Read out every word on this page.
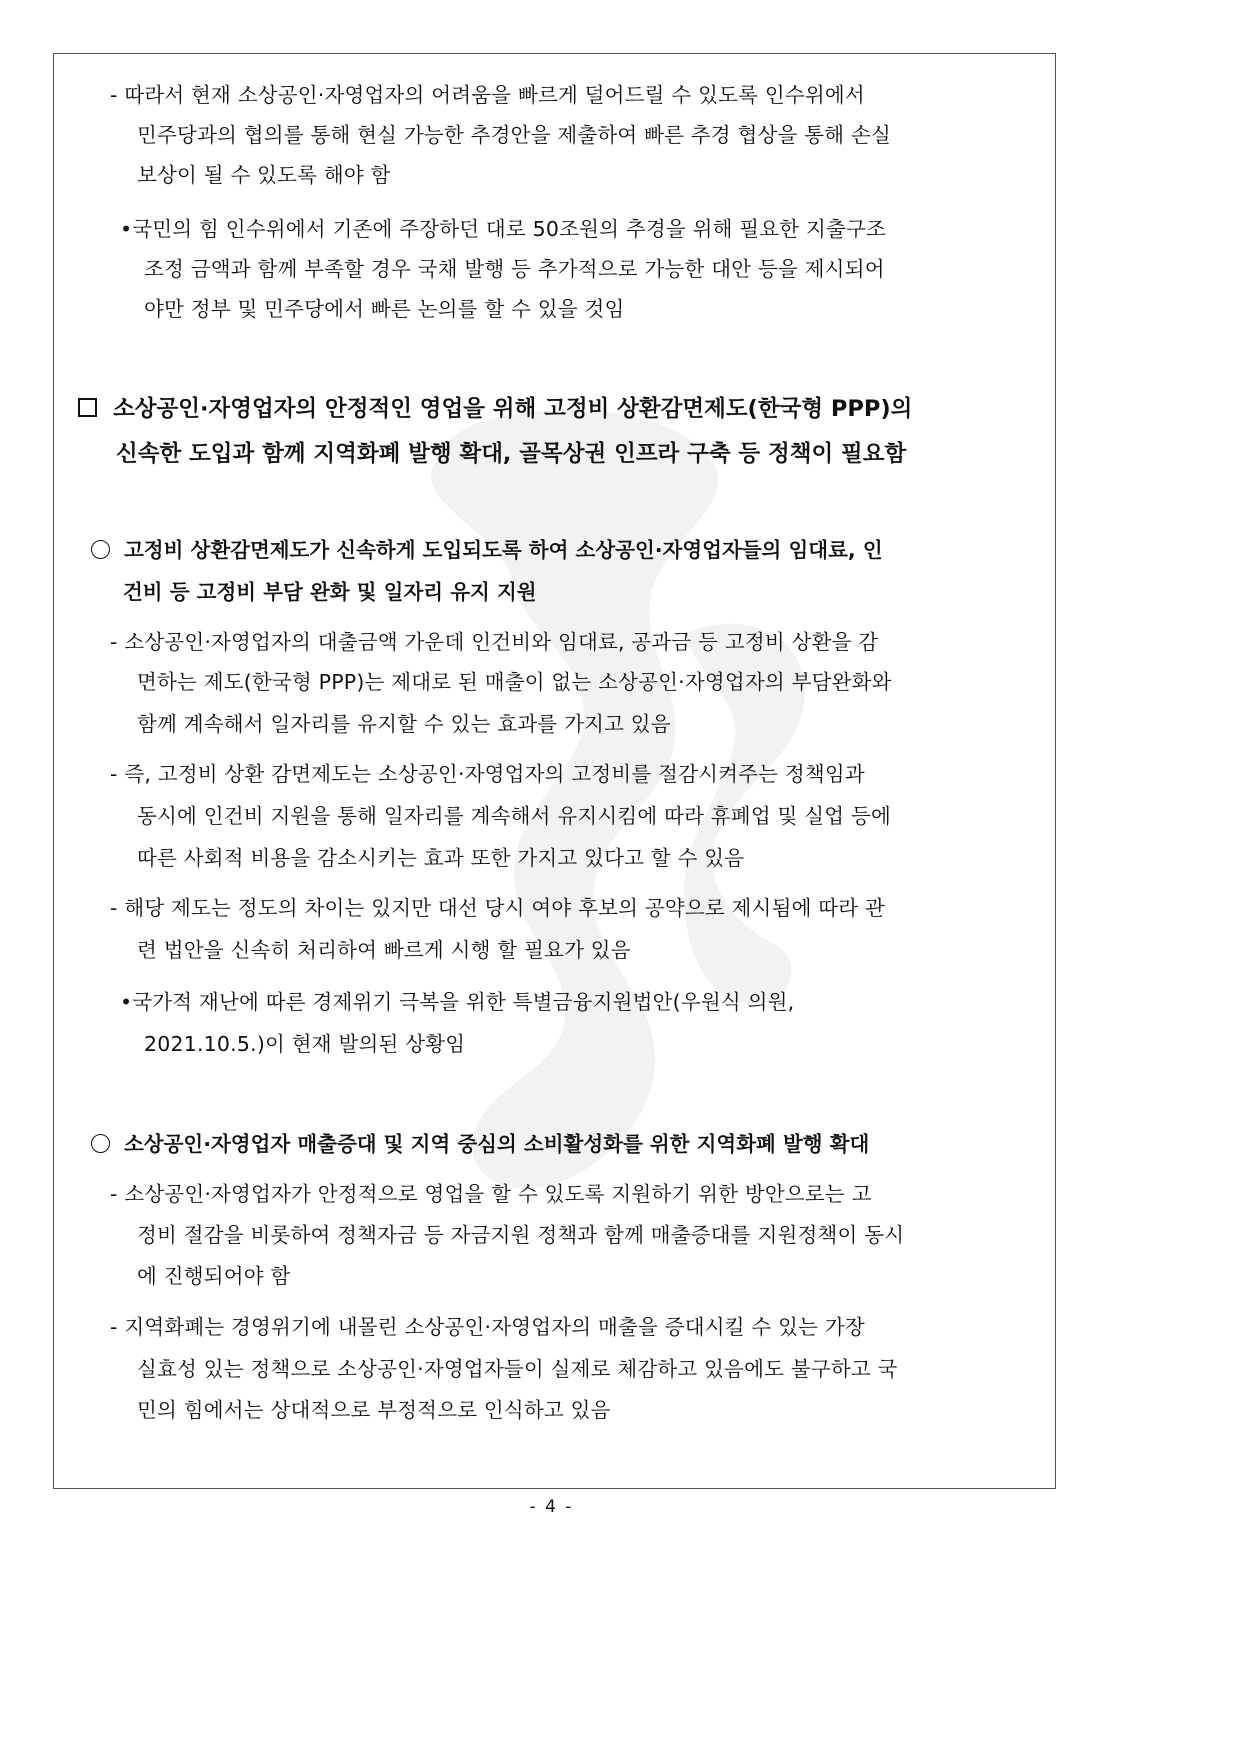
- 따라서 현재 소상공인·자영업자의 어려움을 빠르게 덜어드릴 수 있도록 인수위에서
민주당과의 협의를 통해 현실 가능한 추경안을 제출하여 빠른 추경 협상을 통해 손실
보상이 될 수 있도록 해야 함
•국민의 힘 인수위에서 기존에 주장하던 대로 50조원의 추경을 위해 필요한 지출구조
조정 금액과 함께 부족할 경우 국채 발행 등 추가적으로 가능한 대안 등을 제시되어
야만 정부 및 민주당에서 빠른 논의를 할 수 있을 것임
소상공인·자영업자의 안정적인 영업을 위해 고정비 상환감면제도(한국형 PPP)의
신속한 도입과 함께 지역화폐 발행 확대, 골목상권 인프라 구축 등 정책이 필요함
고정비 상환감면제도가 신속하게 도입되도록 하여 소상공인·자영업자들의 임대료, 인
건비 등 고정비 부담 완화 및 일자리 유지 지원
- 소상공인·자영업자의 대출금액 가운데 인건비와 임대료, 공과금 등 고정비 상환을 감
면하는 제도(한국형 PPP)는 제대로 된 매출이 없는 소상공인·자영업자의 부담완화와
함께 계속해서 일자리를 유지할 수 있는 효과를 가지고 있음
- 즉, 고정비 상환 감면제도는 소상공인·자영업자의 고정비를 절감시켜주는 정책임과
동시에 인건비 지원을 통해 일자리를 계속해서 유지시킴에 따라 휴폐업 및 실업 등에
따른 사회적 비용을 감소시키는 효과 또한 가지고 있다고 할 수 있음
- 해당 제도는 정도의 차이는 있지만 대선 당시 여야 후보의 공약으로 제시됨에 따라 관
련 법안을 신속히 처리하여 빠르게 시행 할 필요가 있음
•국가적 재난에 따른 경제위기 극복을 위한 특별금융지원법안(우원식 의원,
2021.10.5.)이 현재 발의된 상황임
소상공인·자영업자 매출증대 및 지역 중심의 소비활성화를 위한 지역화폐 발행 확대
- 소상공인·자영업자가 안정적으로 영업을 할 수 있도록 지원하기 위한 방안으로는 고
정비 절감을 비롯하여 정책자금 등 자금지원 정책과 함께 매출증대를 지원정책이 동시
에 진행되어야 함
- 지역화폐는 경영위기에 내몰린 소상공인·자영업자의 매출을 증대시킬 수 있는 가장
실효성 있는 정책으로 소상공인·자영업자들이 실제로 체감하고 있음에도 불구하고 국
민의 힘에서는 상대적으로 부정적으로 인식하고 있음
- 4 -
